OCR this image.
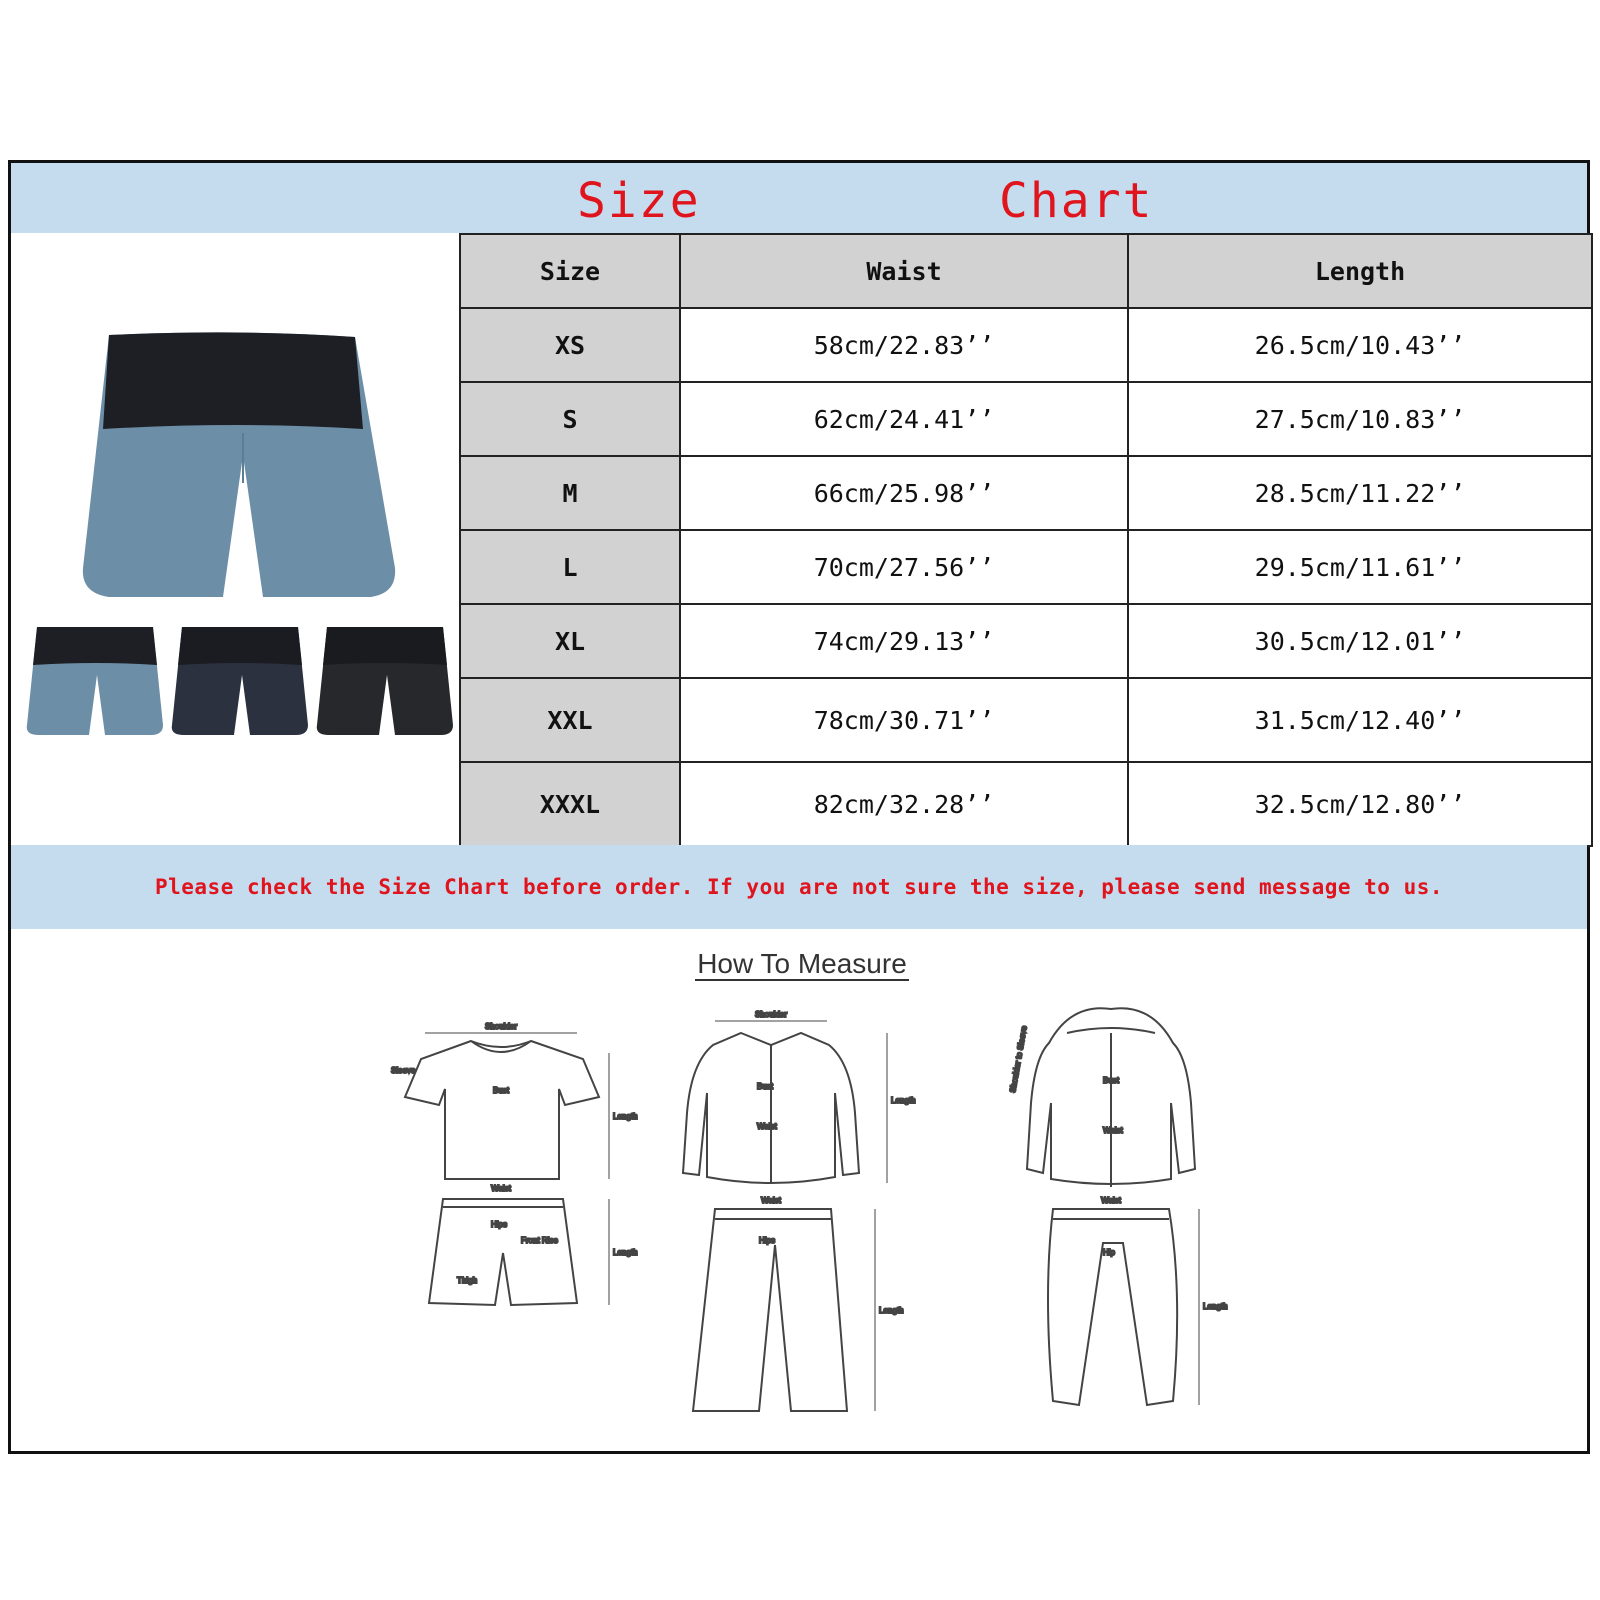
Size	Chart
Size	Waist	Length
XS	58cm/22.83’’	26.5cm/10.43’’
S	62cm/24.41’’	27.5cm/10.83’’
M	66cm/25.98’’	28.5cm/11.22’’
L	70cm/27.56’’	29.5cm/11.61’’
XL	74cm/29.13’’	30.5cm/12.01’’
XXL	78cm/30.71’’	31.5cm/12.40’’
XXXL	82cm/32.28’’	32.5cm/12.80’’
Please check the Size Chart before order. If you are not sure the size, please send message to us.
How To Measure
Shoulder
Bust
Sleeve
Length
Waist
Hips
Front Rise
Thigh
Length
Shoulder
Bust
Waist
Length
Waist
Hips
Length
Shoulder to Sleeve	Bust
Waist
Waist
Hip
Length
